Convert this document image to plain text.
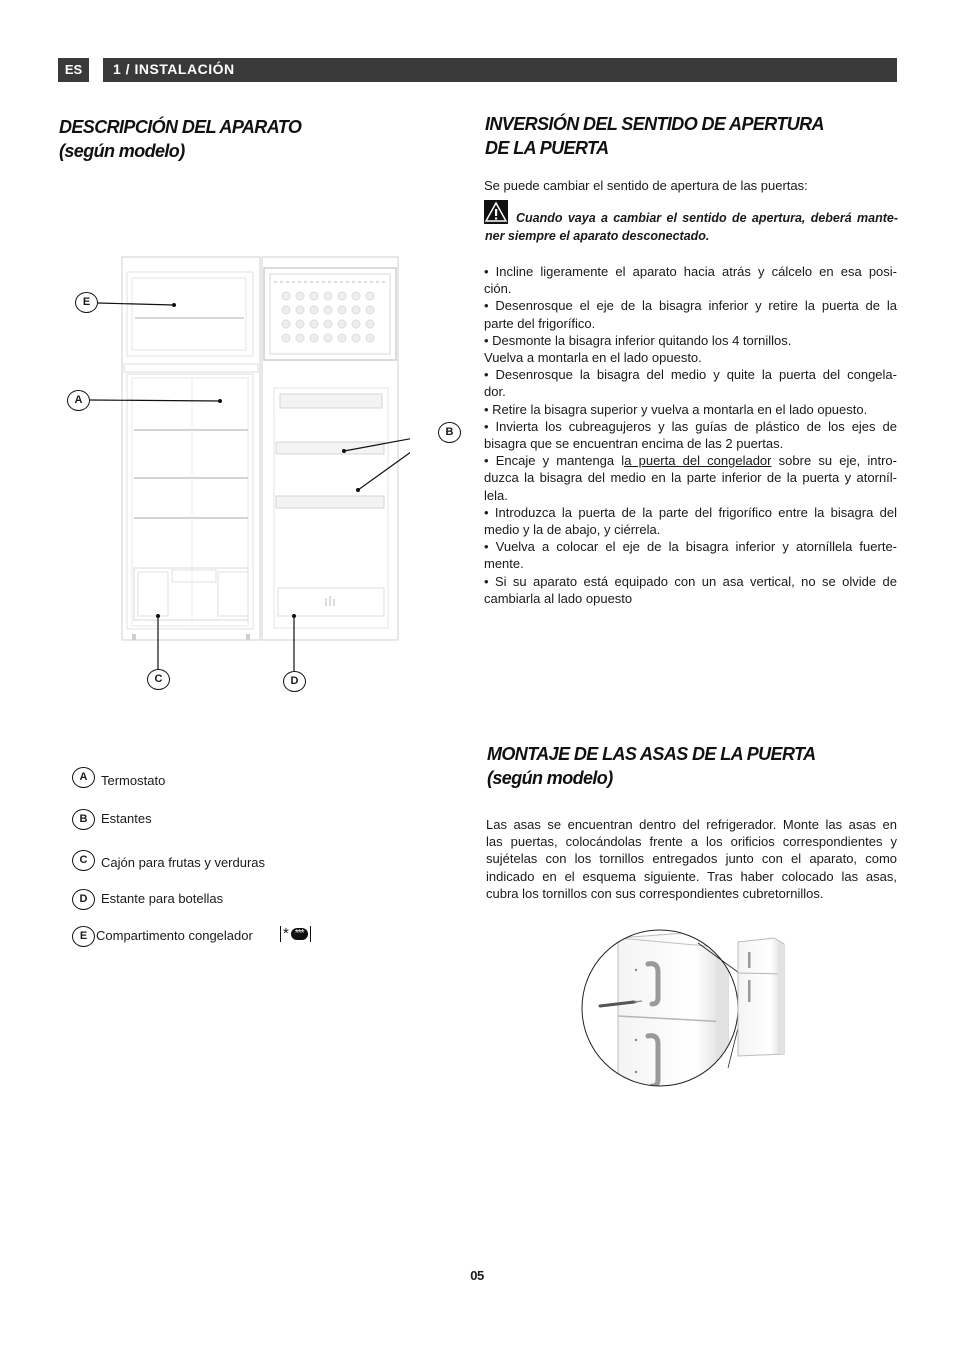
ES	1 / INSTALACIÓN
DESCRIPCIÓN DEL APARATO
(según modelo)
E
A
B
C	D
A	Termostato
B	Estantes
C	Cajón para frutas y verduras
D	Estante para botellas
E Compartimento congelador * ***
INVERSIÓN DEL SENTIDO DE APERTURA
DE LA PUERTA
Se puede cambiar el sentido de apertura de las puertas:
Cuando vaya a cambiar el sentido de apertura, deberá mante-
ner siempre el aparato desconectado.
• Incline ligeramente el aparato hacia atrás y cálcelo en esa posi-
ción.
• Desenrosque el eje de la bisagra inferior y retire la puerta de la
parte del frigorífico.
• Desmonte la bisagra inferior quitando los 4 tornillos.
Vuelva a montarla en el lado opuesto.
• Desenrosque la bisagra del medio y quite la puerta del congela-
dor.
• Retire la bisagra superior y vuelva a montarla en el lado opuesto.
• Invierta los cubreagujeros y las guías de plástico de los ejes de
bisagra que se encuentran encima de las 2 puertas.
• Encaje y mantenga la puerta del congelador sobre su eje, intro-
duzca la bisagra del medio en la parte inferior de la puerta y atorníl-
lela.
• Introduzca la puerta de la parte del frigorífico entre la bisagra del
medio y la de abajo, y ciérrela.
• Vuelva a colocar el eje de la bisagra inferior y atorníllela fuerte-
mente.
• Si su aparato está equipado con un asa vertical, no se olvide de
cambiarla al lado opuesto
MONTAJE DE LAS ASAS DE LA PUERTA
(según modelo)
Las asas se encuentran dentro del refrigerador. Monte las asas en
las puertas, colocándolas frente a los orificios correspondientes y
sujételas con los tornillos entregados junto con el aparato, como
indicado en el esquema siguiente. Tras haber colocado las asas,
cubra los tornillos con sus correspondientes cubretornillos.
05
